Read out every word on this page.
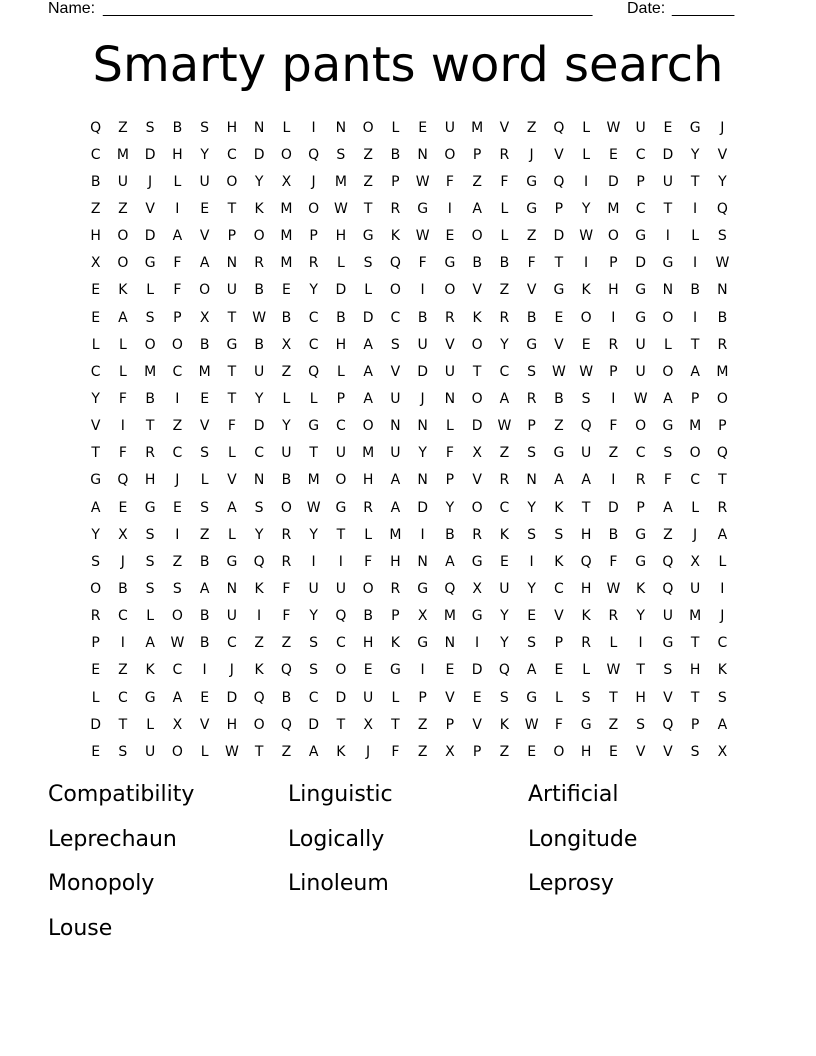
Name: _______________________________________________________ Date: _______
Smarty pants word search
Q	Z	S	B	S	H	N	L	I	N	O	L	E	U	M	V	Z	Q	L	W	U	E	G	J
C	M	D	H	Y	C	D	O	Q	S	Z	B	N	O	P	R	J	V	L	E	C	D	Y	V
B	U	J	L	U	O	Y	X	J	M	Z	P	W	F	Z	F	G	Q	I	D	P	U	T	Y
Z	Z	V	I	E	T	K	M	O	W	T	R	G	I	A	L	G	P	Y	M	C	T	I	Q
H	O	D	A	V	P	O	M	P	H	G	K	W	E	O	L	Z	D	W	O	G	I	L	S
X	O	G	F	A	N	R	M	R	L	S	Q	F	G	B	B	F	T	I	P	D	G	I	W
E	K	L	F	O	U	B	E	Y	D	L	O	I	O	V	Z	V	G	K	H	G	N	B	N
E	A	S	P	X	T	W	B	C	B	D	C	B	R	K	R	B	E	O	I	G	O	I	B
L	L	O	O	B	G	B	X	C	H	A	S	U	V	O	Y	G	V	E	R	U	L	T	R
C	L	M	C	M	T	U	Z	Q	L	A	V	D	U	T	C	S	W W	P	U	O	A	M
Y	F	B	I	E	T	Y	L	L	P	A	U	J	N	O	A	R	B	S	I	W	A	P	O
V	I	T	Z	V	F	D	Y	G	C	O	N	N	L	D	W	P	Z	Q	F	O	G	M	P
T	F	R	C	S	L	C	U	T	U	M	U	Y	F	X	Z	S	G	U	Z	C	S	O	Q
G	Q	H	J	L	V	N	B	M	O	H	A	N	P	V	R	N	A	A	I	R	F	C	T
A	E	G	E	S	A	S	O	W	G	R	A	D	Y	O	C	Y	K	T	D	P	A	L	R
Y	X	S	I	Z	L	Y	R	Y	T	L	M	I	B	R	K	S	S	H	B	G	Z	J	A
S	J	S	Z	B	G	Q	R	I	I	F	H	N	A	G	E	I	K	Q	F	G	Q	X	L
O	B	S	S	A	N	K	F	U	U	O	R	G	Q	X	U	Y	C	H	W	K	Q	U	I
R	C	L	O	B	U	I	F	Y	Q	B	P	X	M	G	Y	E	V	K	R	Y	U	M	J
P	I	A	W	B	C	Z	Z	S	C	H	K	G	N	I	Y	S	P	R	L	I	G	T	C
E	Z	K	C	I	J	K	Q	S	O	E	G	I	E	D	Q	A	E	L	W	T	S	H	K
L	C	G	A	E	D	Q	B	C	D	U	L	P	V	E	S	G	L	S	T	H	V	T	S
D	T	L	X	V	H	O	Q	D	T	X	T	Z	P	V	K	W	F	G	Z	S	Q	P	A
E	S	U	O	L	W	T	Z	A	K	J	F	Z	X	P	Z	E	O	H	E	V	V	S	X
Compatibility	Linguistic	Artificial
Leprechaun	Logically	Longitude
Monopoly	Linoleum	Leprosy
Louse
